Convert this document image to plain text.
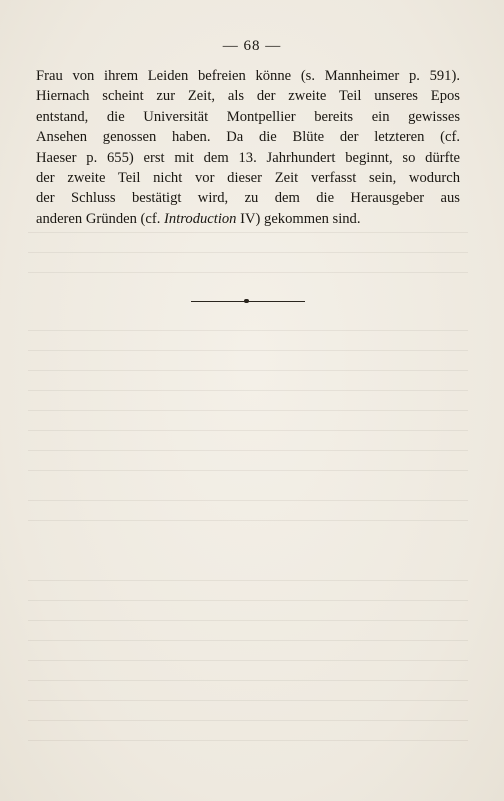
— 68 —
Frau von ihrem Leiden befreien könne (s. Mannheimer p. 591).
Hiernach scheint zur Zeit, als der zweite Teil unseres Epos
entstand, die Universität Montpellier bereits ein gewisses
Ansehen genossen haben. Da die Blüte der letzteren (cf.
Haeser p. 655) erst mit dem 13. Jahrhundert beginnt, so dürfte
der zweite Teil nicht vor dieser Zeit verfasst sein, wodurch
der Schluss bestätigt wird, zu dem die Herausgeber aus
anderen Gründen (cf. Introduction IV) gekommen sind.
